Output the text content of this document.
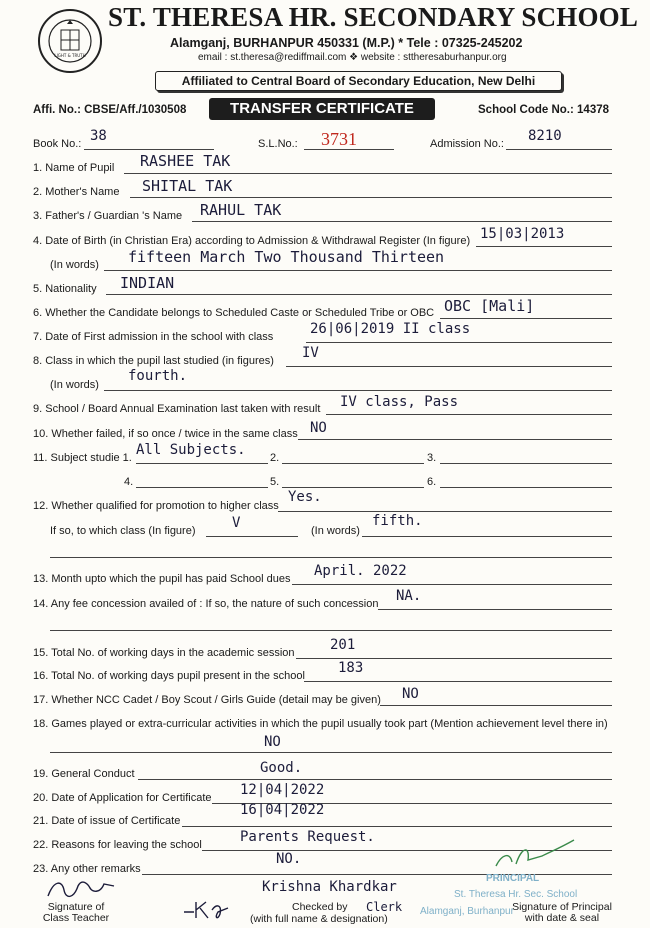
LIGHT & TRUTH
ST. THERESA HR. SECONDARY SCHOOL
Alamganj, BURHANPUR 450331 (M.P.) * Tele : 07325-245202
email : st.theresa@rediffmail.com ❖ website : sttheresaburhanpur.org
Affiliated to Central Board of Secondary Education, New Delhi
Affi. No.: CBSE/Aff./1030508	TRANSFER CERTIFICATE	School Code No.: 14378
Book No.: 38	S.L.No.: 3731	Admission No.: 8210
1. Name of Pupil RASHEE TAK
2. Mother's Name SHITAL TAK
3. Father's / Guardian 's Name RAHUL TAK
4. Date of Birth (in Christian Era) according to Admission & Withdrawal Register (In figure) 15|03|2013
(In words) fifteen March Two Thousand Thirteen
5. Nationality INDIAN
6. Whether the Candidate belongs to Scheduled Caste or Scheduled Tribe or OBC OBC [Mali]
7. Date of First admission in the school with class	26|06|2019 II class
8. Class in which the pupil last studied (in figures) IV
(In words)
fourth.
9. School / Board Annual Examination last taken with result IV class, Pass
10. Whether failed, if so once / twice in the same class NO
11. Subject studie 1. All Subjects. 2.	3.
4.	5.	6.
12. Whether qualified for promotion to higher class
Yes.
If so, to which class (In figure)	V	(In words)
fifth.
13. Month upto which the pupil has paid School dues April. 2022
14. Any fee concession availed of : If so, the nature of such concession NA.
15. Total No. of working days in the academic session	201
16. Total No. of working days pupil present in the school 183
17. Whether NCC Cadet / Boy Scout / Girls Guide (detail may be given) NO
18. Games played or extra-curricular activities in which the pupil usually took part (Mention achievement level there in)
NO
19. General Conduct	Good.
20. Date of Application for Certificate 12|04|2022
21. Date of issue of Certificate
16|04|2022
22. Reasons for leaving the school	Parents Request.
23. Any other remarks
NO.
Signature of
Class Teacher
Krishna Khardkar
Checked by Clerk
(with full name & designation)
PRINCIPAL
St. Theresa Hr. Sec. School
Alamganj, Burhanpur
Signature of Principal
with date & seal
